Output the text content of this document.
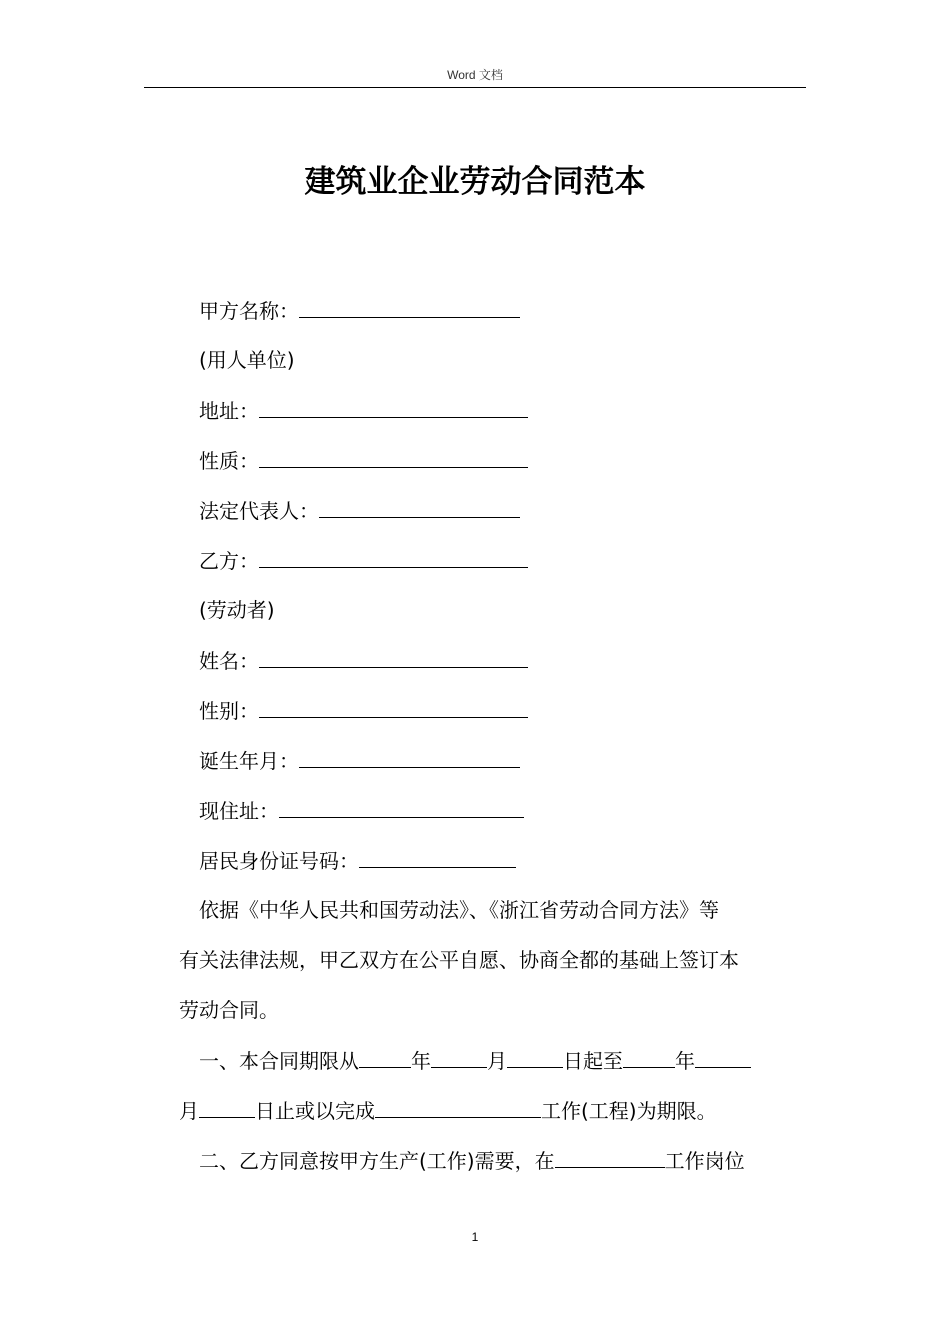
Word 文档
建筑业企业劳动合同范本
甲方名称：
(用人单位)
地址：
性质：
法定代表人：
乙方：
(劳动者)
姓名：
性别：
诞生年月：
现住址：
居民身份证号码：
依据《中华人民共和国劳动法》、《浙江省劳动合同方法》等
有关法律法规，甲乙双方在公平自愿、协商全都的基础上签订本
劳动合同。
一、本合同期限从	年	月	日起至	年
月	日止或以完成	工作(工程)为期限。
二、乙方同意按甲方生产(工作)需要，在	工作岗位
1
